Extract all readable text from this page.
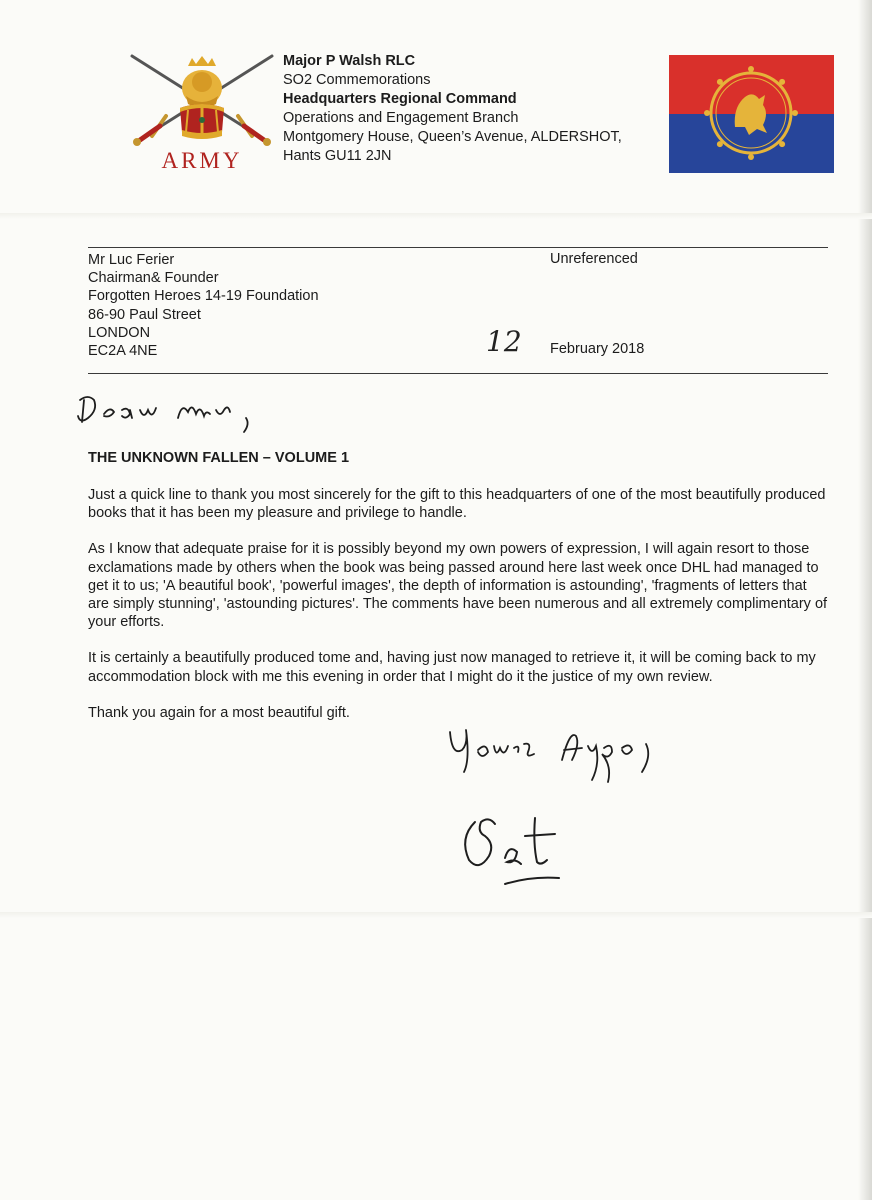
ARMY
Major P Walsh RLC
SO2 Commemorations
Headquarters Regional Command
Operations and Engagement Branch
Montgomery House, Queen’s Avenue, ALDERSHOT,
Hants GU11 2JN
Mr Luc Ferier
Chairman& Founder
Forgotten Heroes 14-19 Foundation
86-90 Paul Street
LONDON
EC2A 4NE
Unreferenced
12 February 2018
THE UNKNOWN FALLEN – VOLUME 1

Just a quick line to thank you most sincerely for the gift to this headquarters of one of the most beautifully produced books that it has been my pleasure and privilege to handle.

As I know that adequate praise for it is possibly beyond my own powers of expression, I will again resort to those exclamations made by others when the book was being passed around here last week once DHL had managed to get it to us; 'A beautiful book', 'powerful images', the depth of information is astounding', 'fragments of letters that are simply stunning', 'astounding pictures'. The comments have been numerous and all extremely complimentary of your efforts.

It is certainly a beautifully produced tome and, having just now managed to retrieve it, it will be coming back to my accommodation block with me this evening in order that I might do it the justice of my own review.

Thank you again for a most beautiful gift.
